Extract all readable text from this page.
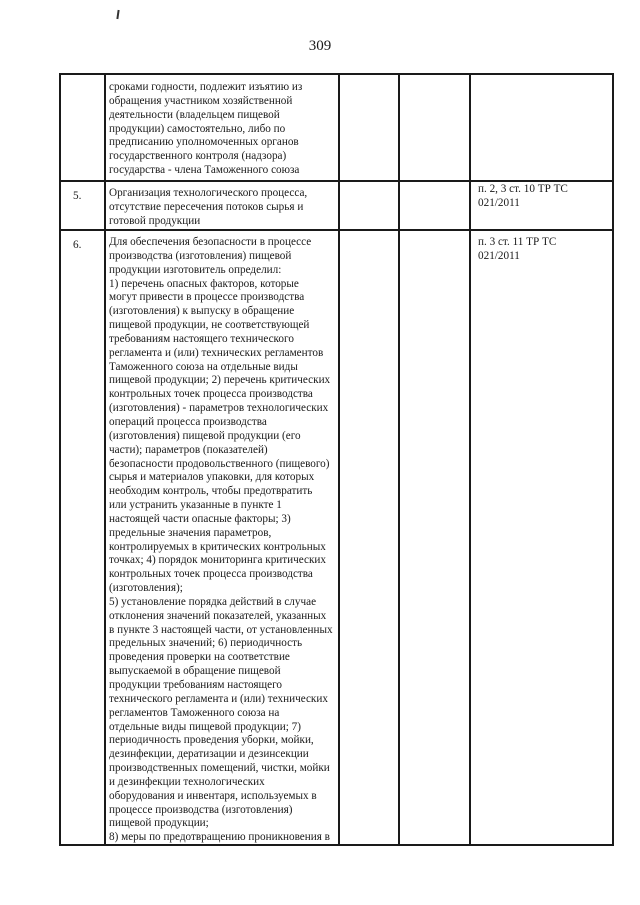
309
сроками годности, подлежит изъятию из
обращения участником хозяйственной
деятельности (владельцем пищевой
продукции) самостоятельно, либо по
предписанию уполномоченных органов
государственного контроля (надзора)
государства - члена Таможенного союза
5. Организация технологического процесса,
отсутствие пересечения потоков сырья и
готовой продукции
п. 2, 3 ст. 10 ТР ТС 021/2011
6. Для обеспечения безопасности в процессе
производства (изготовления) пищевой
продукции изготовитель определил:
1) перечень опасных факторов, которые
могут привести в процессе производства
(изготовления) к выпуску в обращение
пищевой продукции, не соответствующей
требованиям настоящего технического
регламента и (или) технических регламентов
Таможенного союза на отдельные виды
пищевой продукции; 2) перечень критических
контрольных точек процесса производства
(изготовления) - параметров технологических
операций процесса производства
(изготовления) пищевой продукции (его
части); параметров (показателей)
безопасности продовольственного (пищевого)
сырья и материалов упаковки, для которых
необходим контроль, чтобы предотвратить
или устранить указанные в пункте 1
настоящей части опасные факторы; 3)
предельные значения параметров,
контролируемых в критических контрольных
точках; 4) порядок мониторинга критических
контрольных точек процесса производства
(изготовления);
5) установление порядка действий в случае
отклонения значений показателей, указанных
в пункте 3 настоящей части, от установленных
предельных значений; 6) периодичность
проведения проверки на соответствие
выпускаемой в обращение пищевой
продукции требованиям настоящего
технического регламента и (или) технических
регламентов Таможенного союза на
отдельные виды пищевой продукции; 7)
периодичность проведения уборки, мойки,
дезинфекции, дератизации и дезинсекции
производственных помещений, чистки, мойки
и дезинфекции технологических
оборудования и инвентаря, используемых в
процессе производства (изготовления)
пищевой продукции;
8) меры по предотвращению проникновения в
п. 3 ст. 11 ТР ТС 021/2011
